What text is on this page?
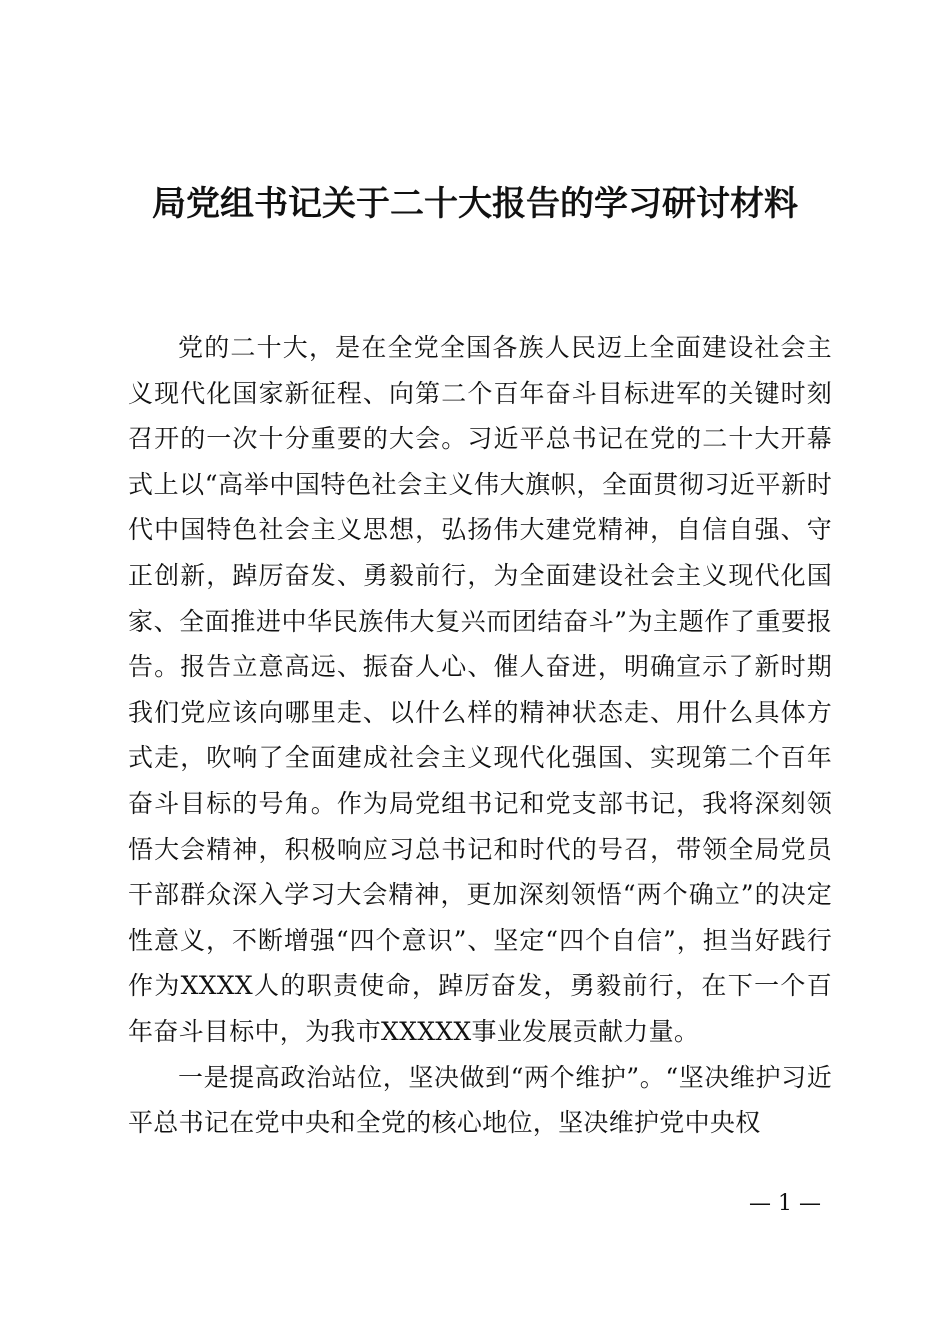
局党组书记关于二十大报告的学习研讨材料

党的二十大，是在全党全国各族人民迈上全面建设社会主义现代化国家新征程、向第二个百年奋斗目标进军的关键时刻召开的一次十分重要的大会。习近平总书记在党的二十大开幕式上以“高举中国特色社会主义伟大旗帜，全面贯彻习近平新时代中国特色社会主义思想，弘扬伟大建党精神，自信自强、守正创新，踔厉奋发、勇毅前行，为全面建设社会主义现代化国家、全面推进中华民族伟大复兴而团结奋斗”为主题作了重要报告。报告立意高远、振奋人心、催人奋进，明确宣示了新时期我们党应该向哪里走、以什么样的精神状态走、用什么具体方式走，吹响了全面建成社会主义现代化强国、实现第二个百年奋斗目标的号角。作为局党组书记和党支部书记，我将深刻领悟大会精神，积极响应习总书记和时代的号召，带领全局党员干部群众深入学习大会精神，更加深刻领悟“两个确立”的决定性意义，不断增强“四个意识”、坚定“四个自信”，担当好践行作为XXXX人的职责使命，踔厉奋发，勇毅前行，在下一个百年奋斗目标中，为我市XXXXX事业发展贡献力量。

一是提高政治站位，坚决做到“两个维护”。“坚决维护习近平总书记在党中央和全党的核心地位，坚决维护党中央权

— 1 —
